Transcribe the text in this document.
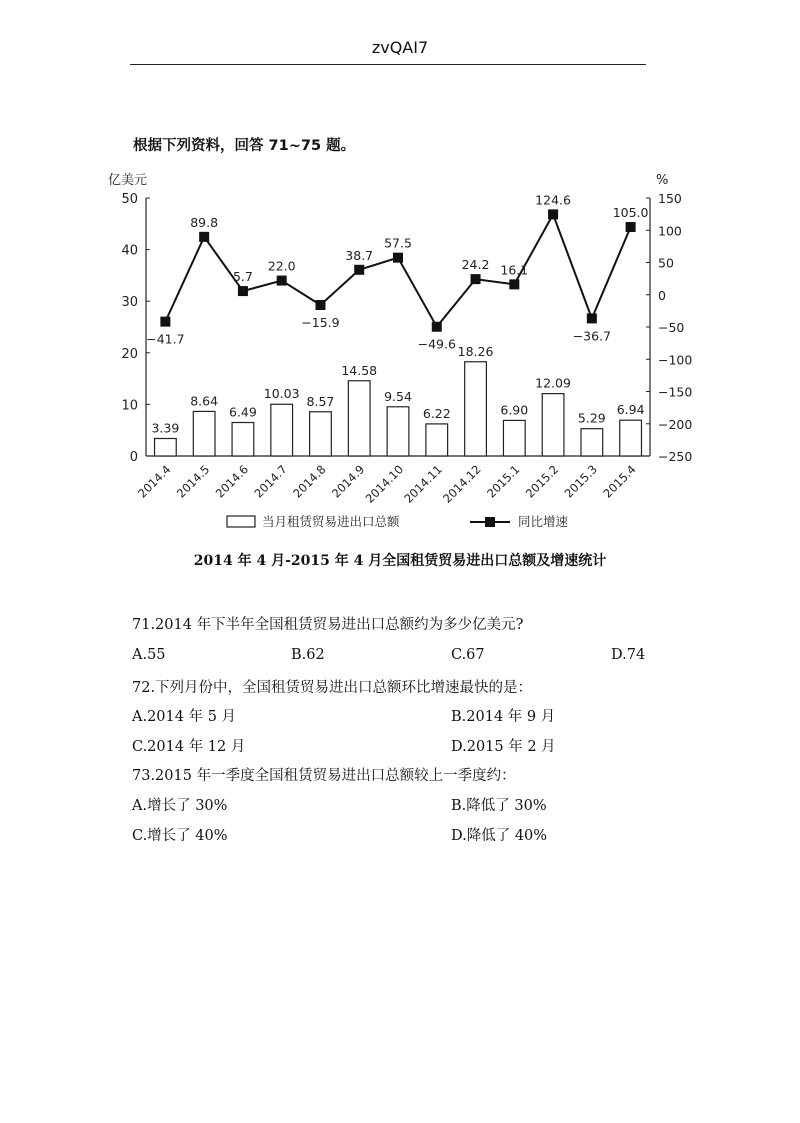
zvQAI7
根据下列资料，回答 71~75 题。
亿美元	%
0
10
20
30
40
50
−250
−200
−150
−100
−50
0
50
100
150
2014.4 2014.5 2014.6 2014.7 2014.8 2014.9
2014.10
2014.11
2014.12 2015.1 2015.2 2015.3 2015.4
3.39
8.64
6.49
10.03
8.57
14.58
9.54
6.22
18.26
6.90
12.09
5.29
6.94
−41.7
89.8
5.7
22.0
−15.9
38.7
57.5
−49.6
24.2 16.1
124.6
−36.7
105.0
当月租赁贸易进出口总额	同比增速
2014 年 4 月-2015 年 4 月全国租赁贸易进出口总额及增速统计
71.2014 年下半年全国租赁贸易进出口总额约为多少亿美元?
A.55	B.62	C.67	D.74
72.下列月份中，全国租赁贸易进出口总额环比增速最快的是：
A.2014 年 5 月	B.2014 年 9 月
C.2014 年 12 月	D.2015 年 2 月
73.2015 年一季度全国租赁贸易进出口总额较上一季度约：
A.增长了 30%	B.降低了 30%
C.增长了 40%	D.降低了 40%
